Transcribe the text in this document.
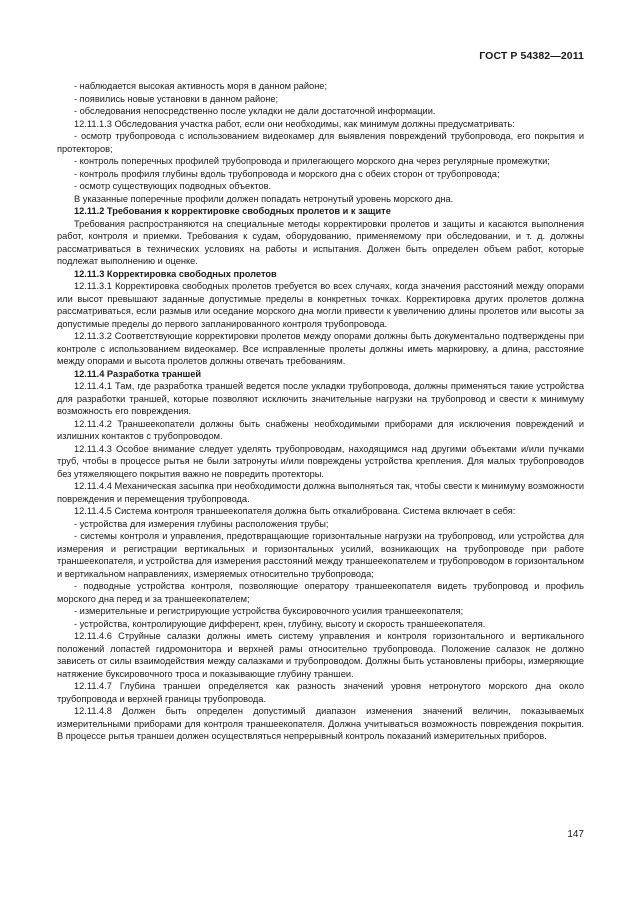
ГОСТ Р 54382—2011

- наблюдается высокая активность моря в данном районе;

- появились новые установки в данном районе;

- обследования непосредственно после укладки не дали достаточной информации.

12.11.1.3 Обследования участка работ, если они необходимы, как минимум должны предусматривать:

- осмотр трубопровода с использованием видеокамер для выявления повреждений трубопровода, его покрытия и протекторов;

- контроль поперечных профилей трубопровода и прилегающего морского дна через регулярные промежутки;

- контроль профиля глубины вдоль трубопровода и морского дна с обеих сторон от трубопровода;

- осмотр существующих подводных объектов.

В указанные поперечные профили должен попадать нетронутый уровень морского дна.

12.11.2 Требования к корректировке свободных пролетов и к защите

Требования распространяются на специальные методы корректировки пролетов и защиты и касаются выполнения работ, контроля и приемки. Требования к судам, оборудованию, применяемому при обследовании, и т. д. должны рассматриваться в технических условиях на работы и испытания. Должен быть определен объем работ, которые подлежат выполнению и оценке.

12.11.3 Корректировка свободных пролетов

12.11.3.1 Корректировка свободных пролетов требуется во всех случаях, когда значения расстояний между опорами или высот превышают заданные допустимые пределы в конкретных точках. Корректировка других пролетов должна рассматриваться, если размыв или оседание морского дна могли привести к увеличению длины пролетов или высоты за допустимые пределы до первого запланированного контроля трубопровода.

12.11.3.2 Соответствующие корректировки пролетов между опорами должны быть документально подтверждены при контроле с использованием видеокамер. Все исправленные пролеты должны иметь маркировку, а длина, расстояние между опорами и высота пролетов должны отвечать требованиям.

12.11.4 Разработка траншей

12.11.4.1 Там, где разработка траншей ведется после укладки трубопровода, должны применяться такие устройства для разработки траншей, которые позволяют исключить значительные нагрузки на трубопровод и свести к минимуму возможность его повреждения.

12.11.4.2 Траншеекопатели должны быть снабжены необходимыми приборами для исключения повреждений и излишних контактов с трубопроводом.

12.11.4.3 Особое внимание следует уделять трубопроводам, находящимся над другими объектами и/или пучками труб, чтобы в процессе рытья не были затронуты и/или повреждены устройства крепления. Для малых трубопроводов без утяжеляющего покрытия важно не повредить протекторы.

12.11.4.4 Механическая засыпка при необходимости должна выполняться так, чтобы свести к минимуму возможности повреждения и перемещения трубопровода.

12.11.4.5 Система контроля траншеекопателя должна быть откалибрована. Система включает в себя:

- устройства для измерения глубины расположения трубы;

- системы контроля и управления, предотвращающие горизонтальные нагрузки на трубопровод, или устройства для измерения и регистрации вертикальных и горизонтальных усилий, возникающих на трубопроводе при работе траншеекопателя, и устройства для измерения расстояний между траншеекопателем и трубопроводом в горизонтальном и вертикальном направлениях, измеряемых относительно трубопровода;

- подводные устройства контроля, позволяющие оператору траншеекопателя видеть трубопровод и профиль морского дна перед и за траншеекопателем;

- измерительные и регистрирующие устройства буксировочного усилия траншеекопателя;

- устройства, контролирующие дифферент, крен, глубину, высоту и скорость траншеекопателя.

12.11.4.6 Струйные салазки должны иметь систему управления и контроля горизонтального и вертикального положений лопастей гидромонитора и верхней рамы относительно трубопровода. Положение салазок не должно зависеть от силы взаимодействия между салазками и трубопроводом. Должны быть установлены приборы, измеряющие натяжение буксировочного троса и показывающие глубину траншеи.

12.11.4.7 Глубина траншеи определяется как разность значений уровня нетронутого морского дна около трубопровода и верхней границы трубопровода.

12.11.4.8 Должен быть определен допустимый диапазон изменения значений величин, показываемых измерительными приборами для контроля траншеекопателя. Должна учитываться возможность повреждения покрытия. В процессе рытья траншеи должен осуществляться непрерывный контроль показаний измерительных приборов.

147
